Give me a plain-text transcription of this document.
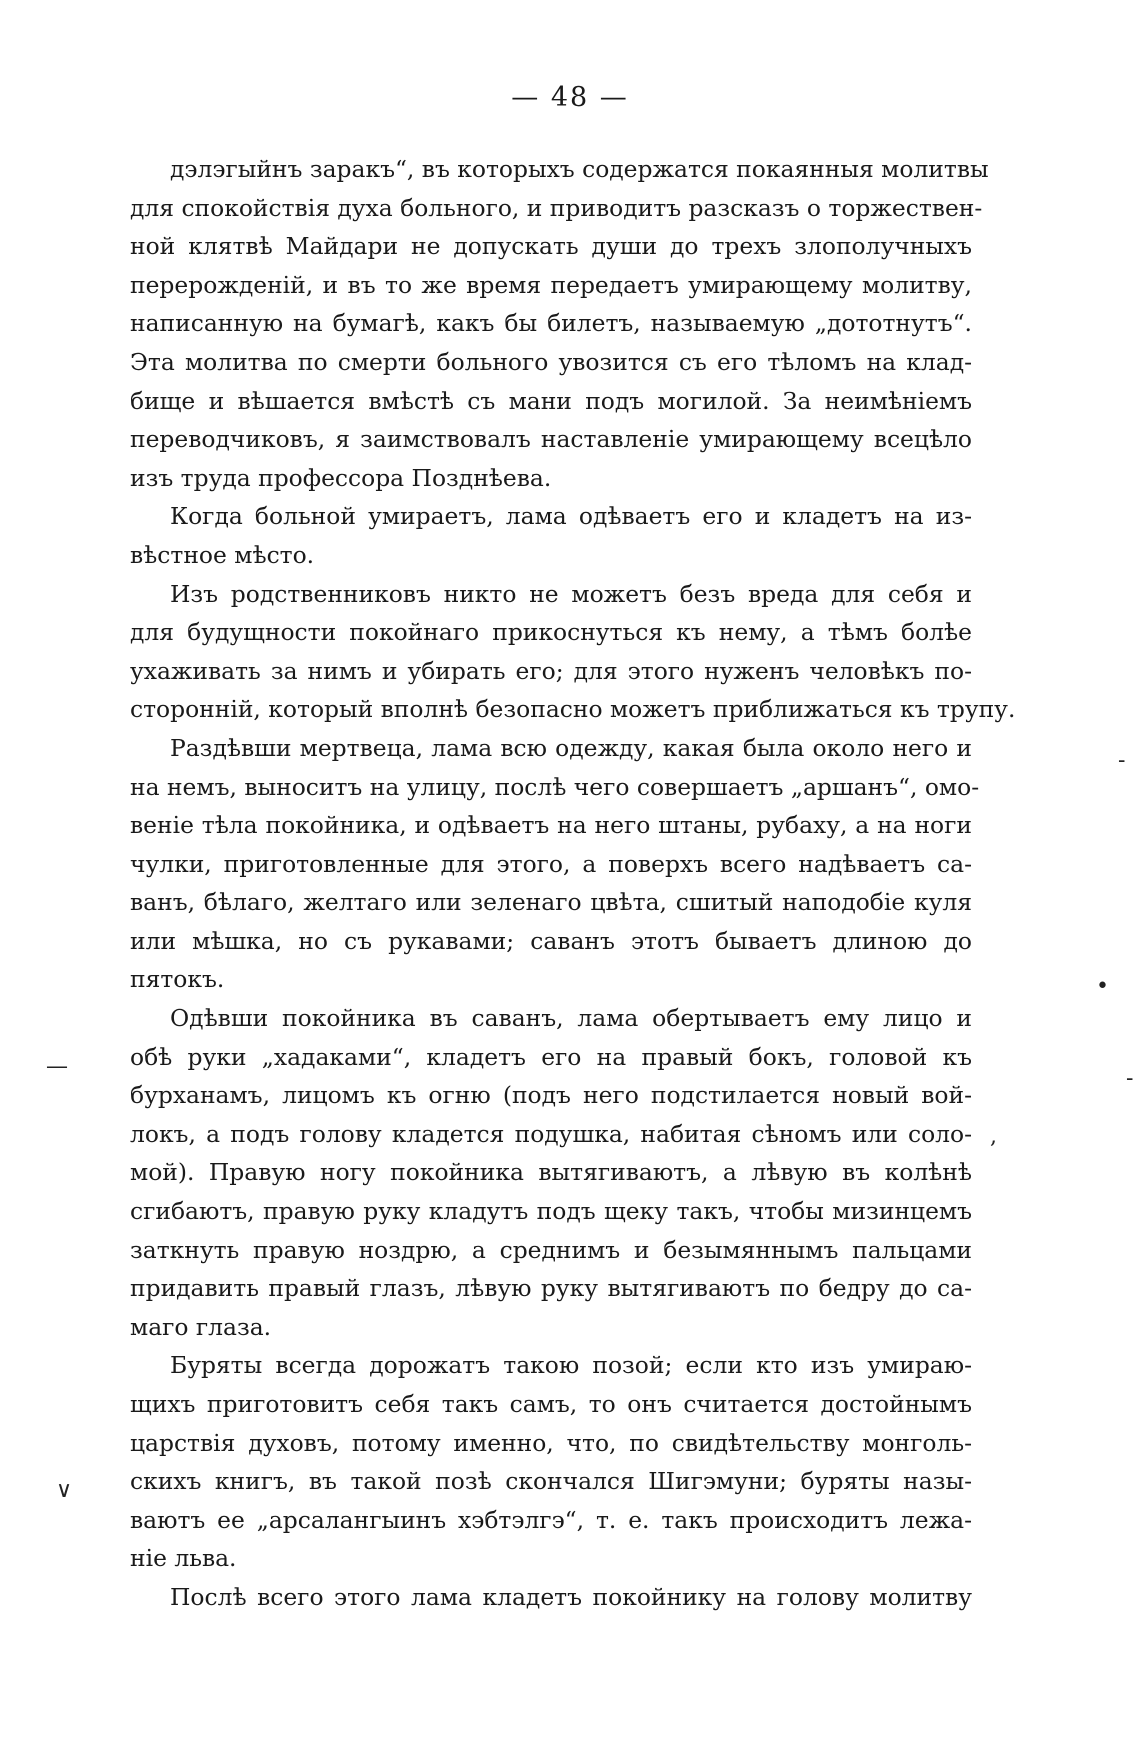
— 48 —
дэлэгыйнъ заракъ“, въ которыхъ содержатся покаянныя молитвы
для спокойствія духа больного, и приводитъ разсказъ о торжествен-
ной клятвѣ Майдари не допускать души до трехъ злополучныхъ
перерожденій, и въ то же время передаетъ умирающему молитву,
написанную на бумагѣ, какъ бы билетъ, называемую „дототнутъ“.
Эта молитва по смерти больного увозится съ его тѣломъ на клад-
бище и вѣшается вмѣстѣ съ мани подъ могилой. За неимѣніемъ
переводчиковъ, я заимствовалъ наставленіе умирающему всецѣло
изъ труда профессора Позднѣева.
Когда больной умираетъ, лама одѣваетъ его и кладетъ на из-
вѣстное мѣсто.
Изъ родственниковъ никто не можетъ безъ вреда для себя и
для будущности покойнаго прикоснуться къ нему, а тѣмъ болѣе
ухаживать за нимъ и убирать его; для этого нуженъ человѣкъ по-
сторонній, который вполнѣ безопасно можетъ приближаться къ трупу.
Раздѣвши мертвеца, лама всю одежду, какая была около него и
на немъ, выноситъ на улицу, послѣ чего совершаетъ „аршанъ“, омо-
веніе тѣла покойника, и одѣваетъ на него штаны, рубаху, а на ноги
чулки, приготовленные для этого, а поверхъ всего надѣваетъ са-
ванъ, бѣлаго, желтаго или зеленаго цвѣта, сшитый наподобіе куля
или мѣшка, но съ рукавами; саванъ этотъ бываетъ длиною до
пятокъ.
Одѣвши покойника въ саванъ, лама обертываетъ ему лицо и
обѣ руки „хадаками“, кладетъ его на правый бокъ, головой къ
бурханамъ, лицомъ къ огню (подъ него подстилается новый вой-
локъ, а подъ голову кладется подушка, набитая сѣномъ или соло-
мой). Правую ногу покойника вытягиваютъ, а лѣвую въ колѣнѣ
сгибаютъ, правую руку кладутъ подъ щеку такъ, чтобы мизинцемъ
заткнуть правую ноздрю, а среднимъ и безымяннымъ пальцами
придавить правый глазъ, лѣвую руку вытягиваютъ по бедру до са-
маго глаза.
Буряты всегда дорожатъ такою позой; если кто изъ умираю-
щихъ приготовитъ себя такъ самъ, то онъ считается достойнымъ
царствія духовъ, потому именно, что, по свидѣтельству монголь-
скихъ книгъ, въ такой позѣ скончался Шигэмуни; буряты назы-
ваютъ ее „арсалангыинъ хэбтэлгэ“, т. е. такъ происходитъ лежа-
ніе льва.
Послѣ всего этого лама кладетъ покойнику на голову молитву
—
∨
-
-
•
,
